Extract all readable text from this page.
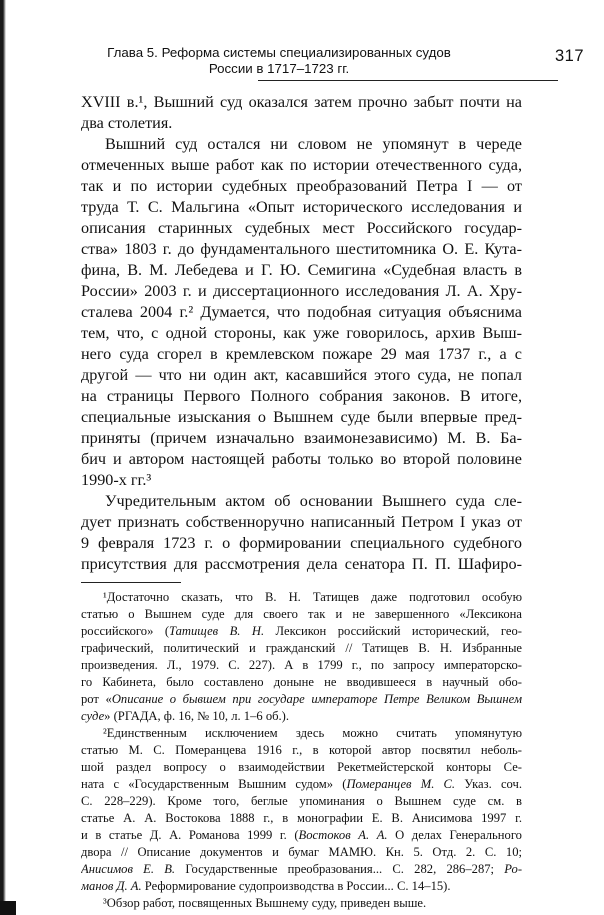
Глава 5. Реформа системы специализированных судов
России в 1717–1723 гг.
317
XVIII в.¹, Вышний суд оказался затем прочно забыт почти на
два столетия.
Вышний суд остался ни словом не упомянут в череде
отмеченных выше работ как по истории отечественного суда,
так и по истории судебных преобразований Петра I — от
труда Т. С. Мальгина «Опыт исторического исследования и
описания старинных судебных мест Российского государ-
ства» 1803 г. до фундаментального шеститомника О. Е. Кута-
фина, В. М. Лебедева и Г. Ю. Семигина «Судебная власть в
России» 2003 г. и диссертационного исследования Л. А. Хру-
сталева 2004 г.² Думается, что подобная ситуация объяснима
тем, что, с одной стороны, как уже говорилось, архив Выш-
него суда сгорел в кремлевском пожаре 29 мая 1737 г., а с
другой — что ни один акт, касавшийся этого суда, не попал
на страницы Первого Полного собрания законов. В итоге,
специальные изыскания о Вышнем суде были впервые пред-
приняты (причем изначально взаимонезависимо) М. В. Ба-
бич и автором настоящей работы только во второй половине
1990-х гг.³
Учредительным актом об основании Вышнего суда сле-
дует признать собственноручно написанный Петром I указ от
9 февраля 1723 г. о формировании специального судебного
присутствия для рассмотрения дела сенатора П. П. Шафиро-
¹Достаточно сказать, что В. Н. Татищев даже подготовил особую
статью о Вышнем суде для своего так и не завершенного «Лексикона
российского» (Татищев В. Н. Лексикон российский исторический, гео-
графический, политический и гражданский // Татищев В. Н. Избранные
произведения. Л., 1979. С. 227). А в 1799 г., по запросу императорско-
го Кабинета, было составлено доныне не вводившееся в научный обо-
рот «Описание о бывшем при государе императоре Петре Великом Вышнем
суде» (РГАДА, ф. 16, № 10, л. 1–6 об.).
²Единственным исключением здесь можно считать упомянутую
статью М. С. Померанцева 1916 г., в которой автор посвятил неболь-
шой раздел вопросу о взаимодействии Рекетмейстерской конторы Се-
ната с «Государственным Вышним судом» (Померанцев М. С. Указ. соч.
С. 228–229). Кроме того, беглые упоминания о Вышнем суде см. в
статье А. А. Востокова 1888 г., в монографии Е. В. Анисимова 1997 г.
и в статье Д. А. Романова 1999 г. (Востоков А. А. О делах Генерального
двора // Описание документов и бумаг МАМЮ. Кн. 5. Отд. 2. С. 10;
Анисимов Е. В. Государственные преобразования... С. 282, 286–287; Ро-
манов Д. А. Реформирование судопроизводства в России... С. 14–15).
³Обзор работ, посвященных Вышнему суду, приведен выше.
